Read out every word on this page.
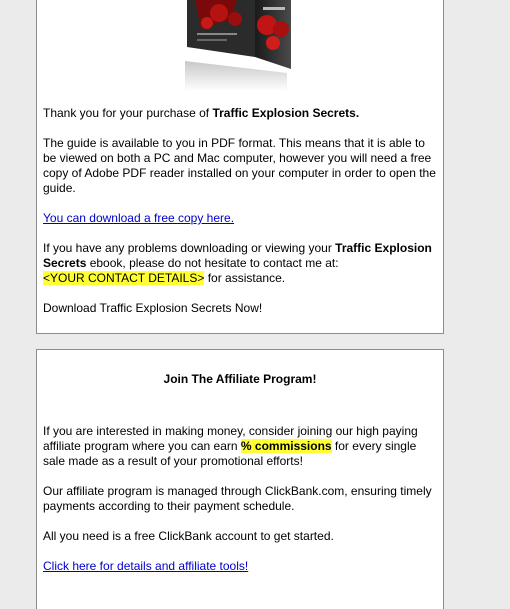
Thank you for your purchase of Traffic Explosion Secrets.

The guide is available to you in PDF format. This means that it is able to be viewed on both a PC and Mac computer, however you will need a free copy of Adobe PDF reader installed on your computer in order to open the guide.

You can download a free copy here.

If you have any problems downloading or viewing your Traffic Explosion Secrets ebook, please do not hesitate to contact me at:
<YOUR CONTACT DETAILS> for assistance.

Download Traffic Explosion Secrets Now!

Join The Affiliate Program!

If you are interested in making money, consider joining our high paying affiliate program where you can earn % commissions for every single sale made as a result of your promotional efforts!

Our affiliate program is managed through ClickBank.com, ensuring timely payments according to their payment schedule.

All you need is a free ClickBank account to get started.

Click here for details and affiliate tools!
